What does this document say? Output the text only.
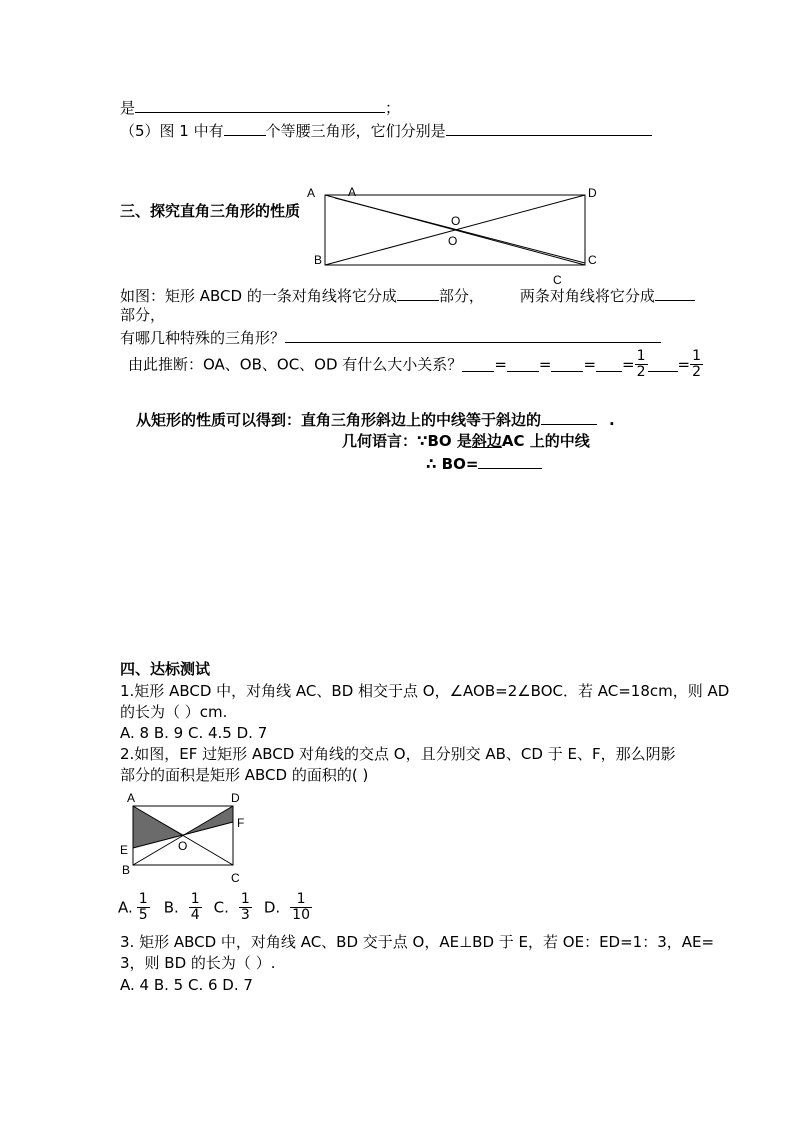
是	；
（5）图 1 中有	个等腰三角形，它们分别是
三、探究直角三角形的性质
A	A	D
O
O
B	C
C
如图：矩形 ABCD 的一条对角线将它分成	部分， 两条对角线将它分成
部分，
有哪几种特殊的三角形？
由此推断：OA、OB、OC、OD 有什么大小关系？ = = = = $\frac{1}{2} = \frac{1}{2}$
从矩形的性质可以得到：直角三角形斜边上的中线等于斜边的	.
几何语言：∵BO 是斜边AC 上的中线
∴ BO=
四、达标测试
1.矩形 ABCD 中，对角线 AC、BD 相交于点 O，∠AOB=2∠BOC．若 AC=18cm，则 AD
的长为（ ）cm.
A. 8 B. 9 C. 4.5 D. 7
2.如图，EF 过矩形 ABCD 对角线的交点 O，且分别交 AB、CD 于 E、F，那么阴影
部分的面积是矩形 ABCD 的面积的( )
A	D
F
E	O
B
C
A. $\frac{1}{5} B$. $\frac{1}{4} C$. $\frac{1}{3} D$. $\frac{1}{10}$
3. 矩形 ABCD 中，对角线 AC、BD 交于点 O，AE⊥BD 于 E，若 OE：ED=1：3，AE=
3，则 BD 的长为（ ）.
A. 4 B. 5 C. 6 D. 7
